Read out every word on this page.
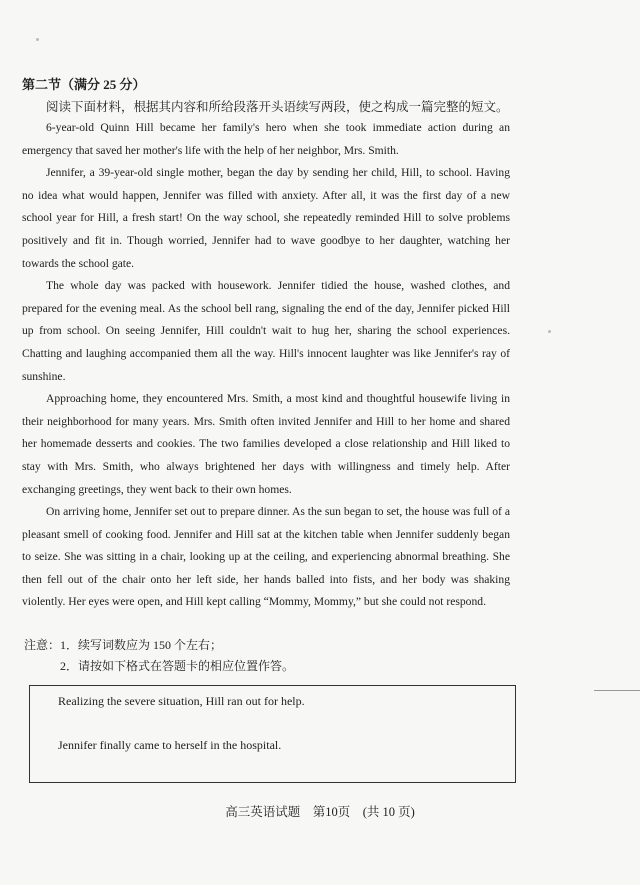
第二节（满分 25 分）
阅读下面材料，根据其内容和所给段落开头语续写两段，使之构成一篇完整的短文。

6-year-old Quinn Hill became her family's hero when she took immediate action during an emergency that saved her mother's life with the help of her neighbor, Mrs. Smith.

Jennifer, a 39-year-old single mother, began the day by sending her child, Hill, to school. Having no idea what would happen, Jennifer was filled with anxiety. After all, it was the first day of a new school year for Hill, a fresh start! On the way school, she repeatedly reminded Hill to solve problems positively and fit in. Though worried, Jennifer had to wave goodbye to her daughter, watching her towards the school gate.

The whole day was packed with housework. Jennifer tidied the house, washed clothes, and prepared for the evening meal. As the school bell rang, signaling the end of the day, Jennifer picked Hill up from school. On seeing Jennifer, Hill couldn't wait to hug her, sharing the school experiences. Chatting and laughing accompanied them all the way. Hill's innocent laughter was like Jennifer's ray of sunshine.

Approaching home, they encountered Mrs. Smith, a most kind and thoughtful housewife living in their neighborhood for many years. Mrs. Smith often invited Jennifer and Hill to her home and shared her homemade desserts and cookies. The two families developed a close relationship and Hill liked to stay with Mrs. Smith, who always brightened her days with willingness and timely help. After exchanging greetings, they went back to their own homes.

On arriving home, Jennifer set out to prepare dinner. As the sun began to set, the house was full of a pleasant smell of cooking food. Jennifer and Hill sat at the kitchen table when Jennifer suddenly began to seize. She was sitting in a chair, looking up at the ceiling, and experiencing abnormal breathing. She then fell out of the chair onto her left side, her hands balled into fists, and her body was shaking violently. Her eyes were open, and Hill kept calling “Mommy, Mommy,” but she could not respond.

注意：1．续写词数应为 150 个左右；
2．请按如下格式在答题卡的相应位置作答。
Realizing the severe situation, Hill ran out for help.
Jennifer finally came to herself in the hospital.
高三英语试题　第10页　(共 10 页)
